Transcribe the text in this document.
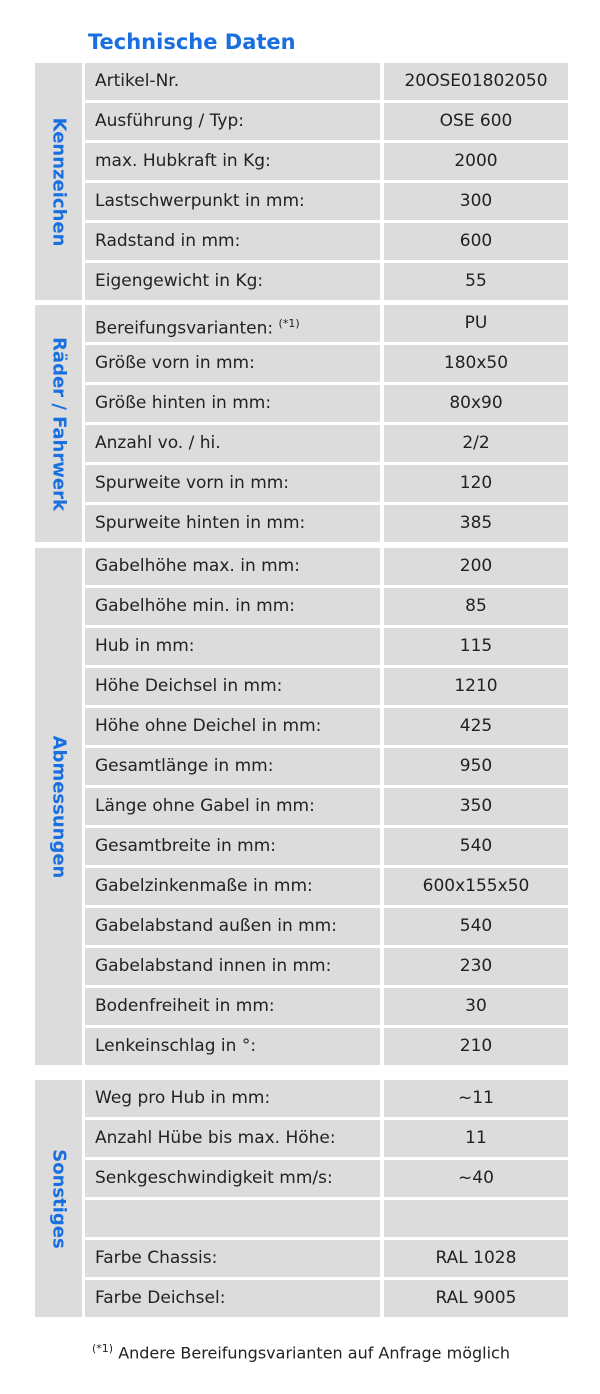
Technische Daten
Kennzeichen
Artikel-Nr.	20OSE01802050
Ausführung / Typ:	OSE 600
max. Hubkraft in Kg:	2000
Lastschwerpunkt in mm:	300
Radstand in mm:	600
Eigengewicht in Kg:	55
Räder / Fahrwerk
Bereifungsvarianten: $^{(*1)}$	PU
Größe vorn in mm:	180x50
Größe hinten in mm:	80x90
Anzahl vo. / hi.	2/2
Spurweite vorn in mm:	120
Spurweite hinten in mm:	385
Abmessungen
Gabelhöhe max. in mm:	200
Gabelhöhe min. in mm:	85
Hub in mm:	115
Höhe Deichsel in mm:	1210
Höhe ohne Deichel in mm:	425
Gesamtlänge in mm:	950
Länge ohne Gabel in mm:	350
Gesamtbreite in mm:	540
Gabelzinkenmaße in mm:	600x155x50
Gabelabstand außen in mm:	540
Gabelabstand innen in mm:	230
Bodenfreiheit in mm:	30
Lenkeinschlag in °:	210
Sonstiges
Weg pro Hub in mm:	~11
Anzahl Hübe bis max. Höhe:	11
Senkgeschwindigkeit mm/s:	~40
Farbe Chassis:	RAL 1028
Farbe Deichsel:	RAL 9005
$^{(*1)}$ Andere Bereifungsvarianten auf Anfrage möglich
